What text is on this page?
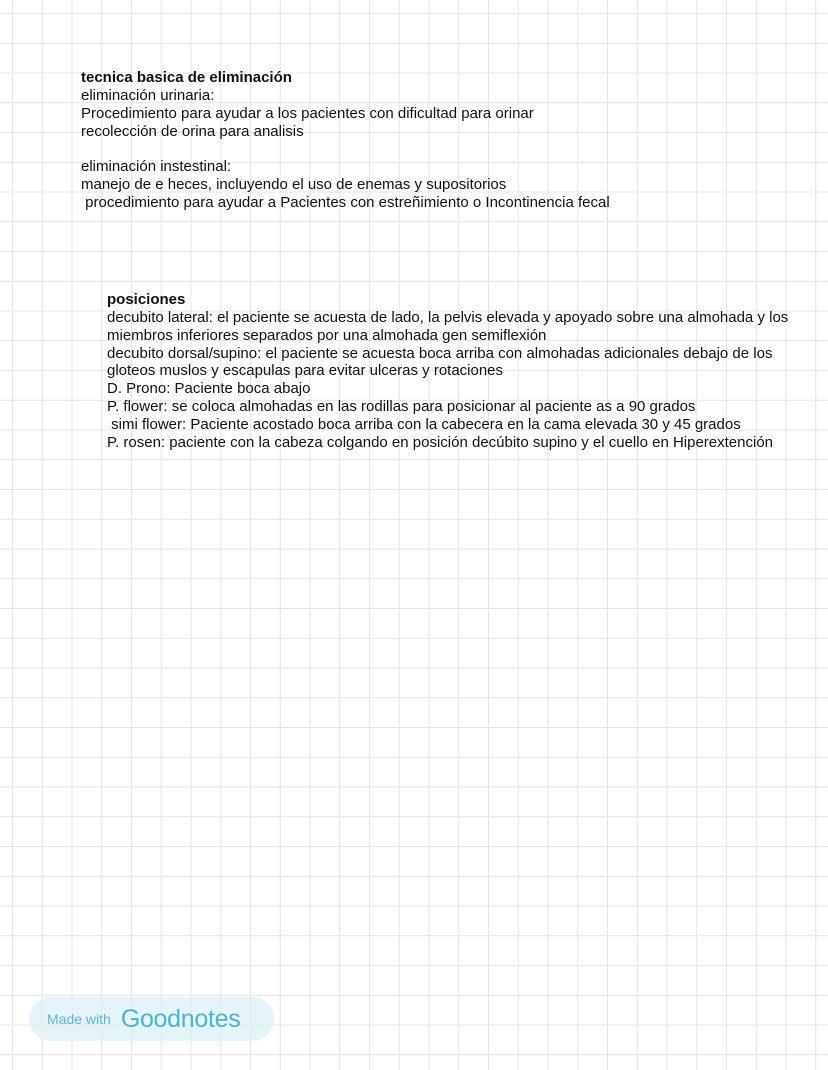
tecnica basica de eliminación
eliminación urinaria:
Procedimiento para ayudar a los pacientes con dificultad para orinar
recolección de orina para analisis
eliminación instestinal:
manejo de e heces, incluyendo el uso de enemas y supositorios
procedimiento para ayudar a Pacientes con estreñimiento o Incontinencia fecal
posiciones
decubito lateral: el paciente se acuesta de lado, la pelvis elevada y apoyado sobre una almohada y los
miembros inferiores separados por una almohada gen semiflexión
decubito dorsal/supino: el paciente se acuesta boca arriba con almohadas adicionales debajo de los
gloteos muslos y escapulas para evitar ulceras y rotaciones
D. Prono: Paciente boca abajo
P. flower: se coloca almohadas en las rodillas para posicionar al paciente as a 90 grados
simi flower: Paciente acostado boca arriba con la cabecera en la cama elevada 30 y 45 grados
P. rosen: paciente con la cabeza colgando en posición decúbito supino y el cuello en Hiperextención
Made with Goodnotes
